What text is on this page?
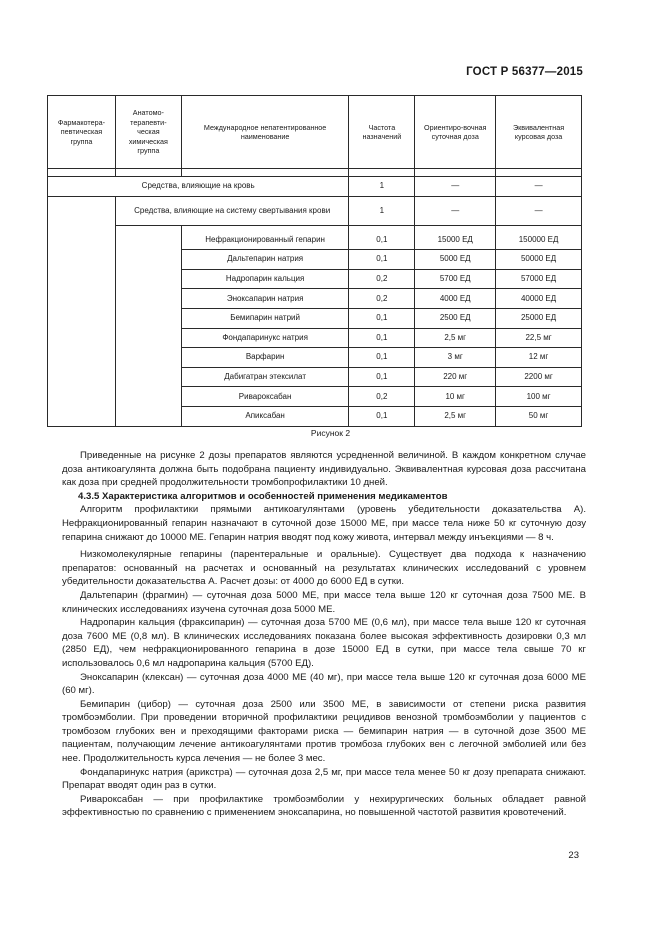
ГОСТ Р 56377—2015
Фармакотера-певтическая группа	Анатомо-терапевти-ческая химическая группа	Международное непатентированное наименование	Частота назначений	Ориентиро-вочная суточная доза	Эквивалентная курсовая доза

Средства, влияющие на кровь			1	—	—
	Средства, влияющие на систему свертывания крови		1	—	—

		Нефракционированный гепарин	0,1	15000 ЕД	150000 ЕД
		Дальтепарин натрия	0,1	5000 ЕД	50000 ЕД
		Надропарин кальция	0,2	5700 ЕД	57000 ЕД
		Эноксапарин натрия	0,2	4000 ЕД	40000 ЕД
		Бемипарин натрий	0,1	2500 ЕД	25000 ЕД
		Фондапаринукс натрия	0,1	2,5 мг	22,5 мг
		Варфарин	0,1	3 мг	12 мг
		Дабигатран этексилат	0,1	220 мг	2200 мг
		Ривароксабан	0,2	10 мг	100 мг
		Апиксабан	0,1	2,5 мг	50 мг
Рисунок 2

Приведенные на рисунке 2 дозы препаратов являются усредненной величиной. В каждом конкретном случае доза антикоагулянта должна быть подобрана пациенту индивидуально. Эквивалентная курсовая доза рассчитана как доза при средней продолжительности тромбопрофилактики 10 дней.

4.3.5 Характеристика алгоритмов и особенностей применения медикаментов

Алгоритм профилактики прямыми антикоагулянтами (уровень убедительности доказательства А). Нефракционированный гепарин назначают в суточной дозе 15000 МЕ, при массе тела ниже 50 кг суточную дозу гепарина снижают до 10000 МЕ. Гепарин натрия вводят под кожу живота, интервал между инъекциями — 8 ч.

Низкомолекулярные гепарины (парентеральные и оральные). Существует два подхода к назначению препаратов: основанный на расчетах и основанный на результатах клинических исследований с уровнем убедительности доказательства А. Расчет дозы: от 4000 до 6000 ЕД в сутки.

Дальтепарин (фрагмин) — суточная доза 5000 МЕ, при массе тела выше 120 кг суточная доза 7500 МЕ. В клинических исследованиях изучена суточная доза 5000 МЕ.

Надропарин кальция (фраксипарин) — суточная доза 5700 МЕ (0,6 мл), при массе тела выше 120 кг суточная доза 7600 МЕ (0,8 мл). В клинических исследованиях показана более высокая эффективность дозировки 0,3 мл (2850 ЕД), чем нефракционированного гепарина в дозе 15000 ЕД в сутки, при массе тела свыше 70 кг использовалось 0,6 мл надропарина кальция (5700 ЕД).

Эноксапарин (клексан) — суточная доза 4000 МЕ (40 мг), при массе тела выше 120 кг суточная доза 6000 МЕ (60 мг).

Бемипарин (цибор) — суточная доза 2500 или 3500 МЕ, в зависимости от степени риска развития тромбоэмболии. При проведении вторичной профилактики рецидивов венозной тромбоэмболии у пациентов с тромбозом глубоких вен и преходящими факторами риска — бемипарин натрия — в суточной дозе 3500 МЕ пациентам, получающим лечение антикоагулянтами против тромбоза глубоких вен с легочной эмболией или без нее. Продолжительность курса лечения — не более 3 мес.

Фондапаринукс натрия (арикстра) — суточная доза 2,5 мг, при массе тела менее 50 кг дозу препарата снижают. Препарат вводят один раз в сутки.

Ривароксабан — при профилактике тромбоэмболии у нехирургических больных обладает равной эффективностью по сравнению с применением эноксапарина, но повышенной частотой развития кровотечений.

23
